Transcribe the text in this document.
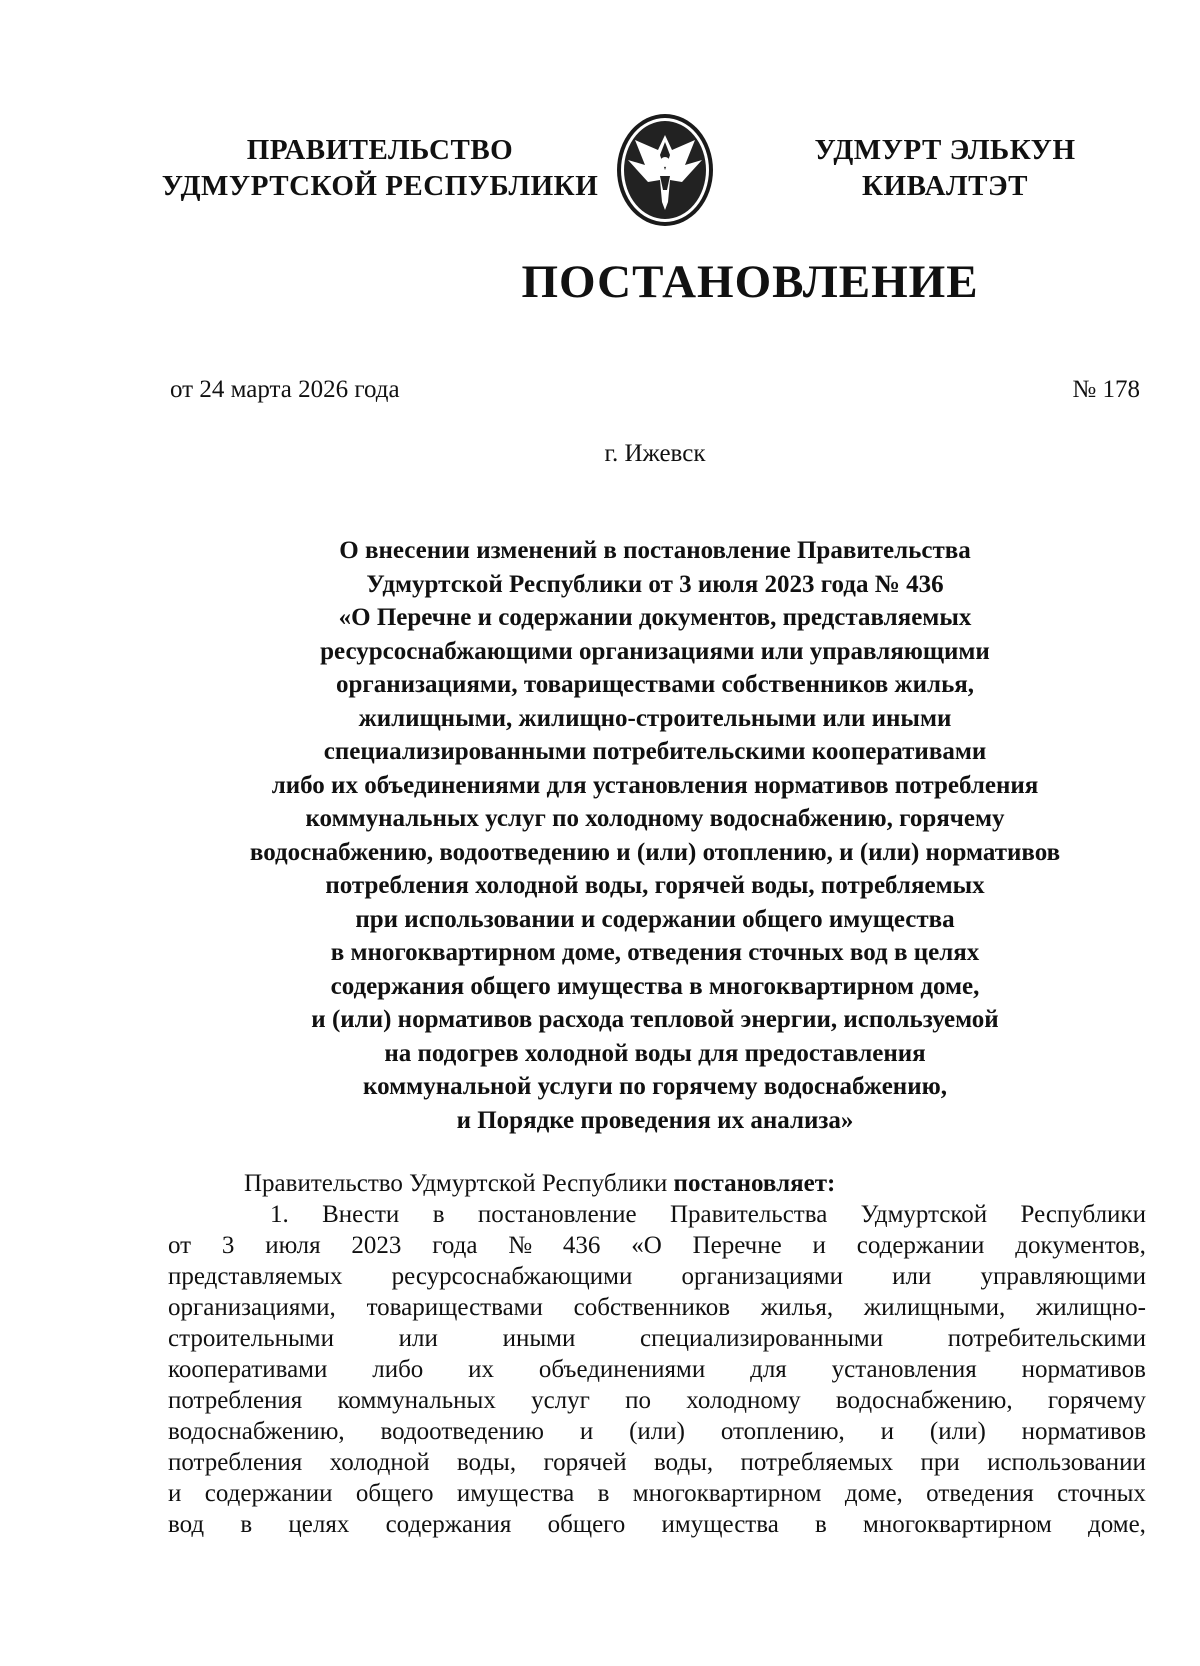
ПРАВИТЕЛЬСТВО
УДМУРТСКОЙ РЕСПУБЛИКИ
УДМУРТ ЭЛЬКУН
КИВАЛТЭТ
ПОСТАНОВЛЕНИЕ
от 24 марта 2026 года	№ 178
г. Ижевск
О внесении изменений в постановление Правительства
Удмуртской Республики от 3 июля 2023 года № 436
«О Перечне и содержании документов, представляемых
ресурсоснабжающими организациями или управляющими
организациями, товариществами собственников жилья,
жилищными, жилищно-строительными или иными
специализированными потребительскими кооперативами
либо их объединениями для установления нормативов потребления
коммунальных услуг по холодному водоснабжению, горячему
водоснабжению, водоотведению и (или) отоплению, и (или) нормативов
потребления холодной воды, горячей воды, потребляемых
при использовании и содержании общего имущества
в многоквартирном доме, отведения сточных вод в целях
содержания общего имущества в многоквартирном доме,
и (или) нормативов расхода тепловой энергии, используемой
на подогрев холодной воды для предоставления
коммунальной услуги по горячему водоснабжению,
и Порядке проведения их анализа»
Правительство Удмуртской Республики постановляет:
1. Внести в постановление Правительства Удмуртской Республики
от 3 июля 2023 года № 436 «О Перечне и содержании документов,
представляемых ресурсоснабжающими организациями или управляющими
организациями, товариществами собственников жилья, жилищными, жилищно-
строительными	или	иными	специализированными	потребительскими
кооперативами либо их объединениями для установления нормативов
потребления коммунальных услуг по холодному водоснабжению, горячему
водоснабжению, водоотведению и (или) отоплению, и (или) нормативов
потребления холодной воды, горячей воды, потребляемых при использовании
и содержании общего имущества в многоквартирном доме, отведения сточных
вод в целях содержания общего имущества в многоквартирном доме,
